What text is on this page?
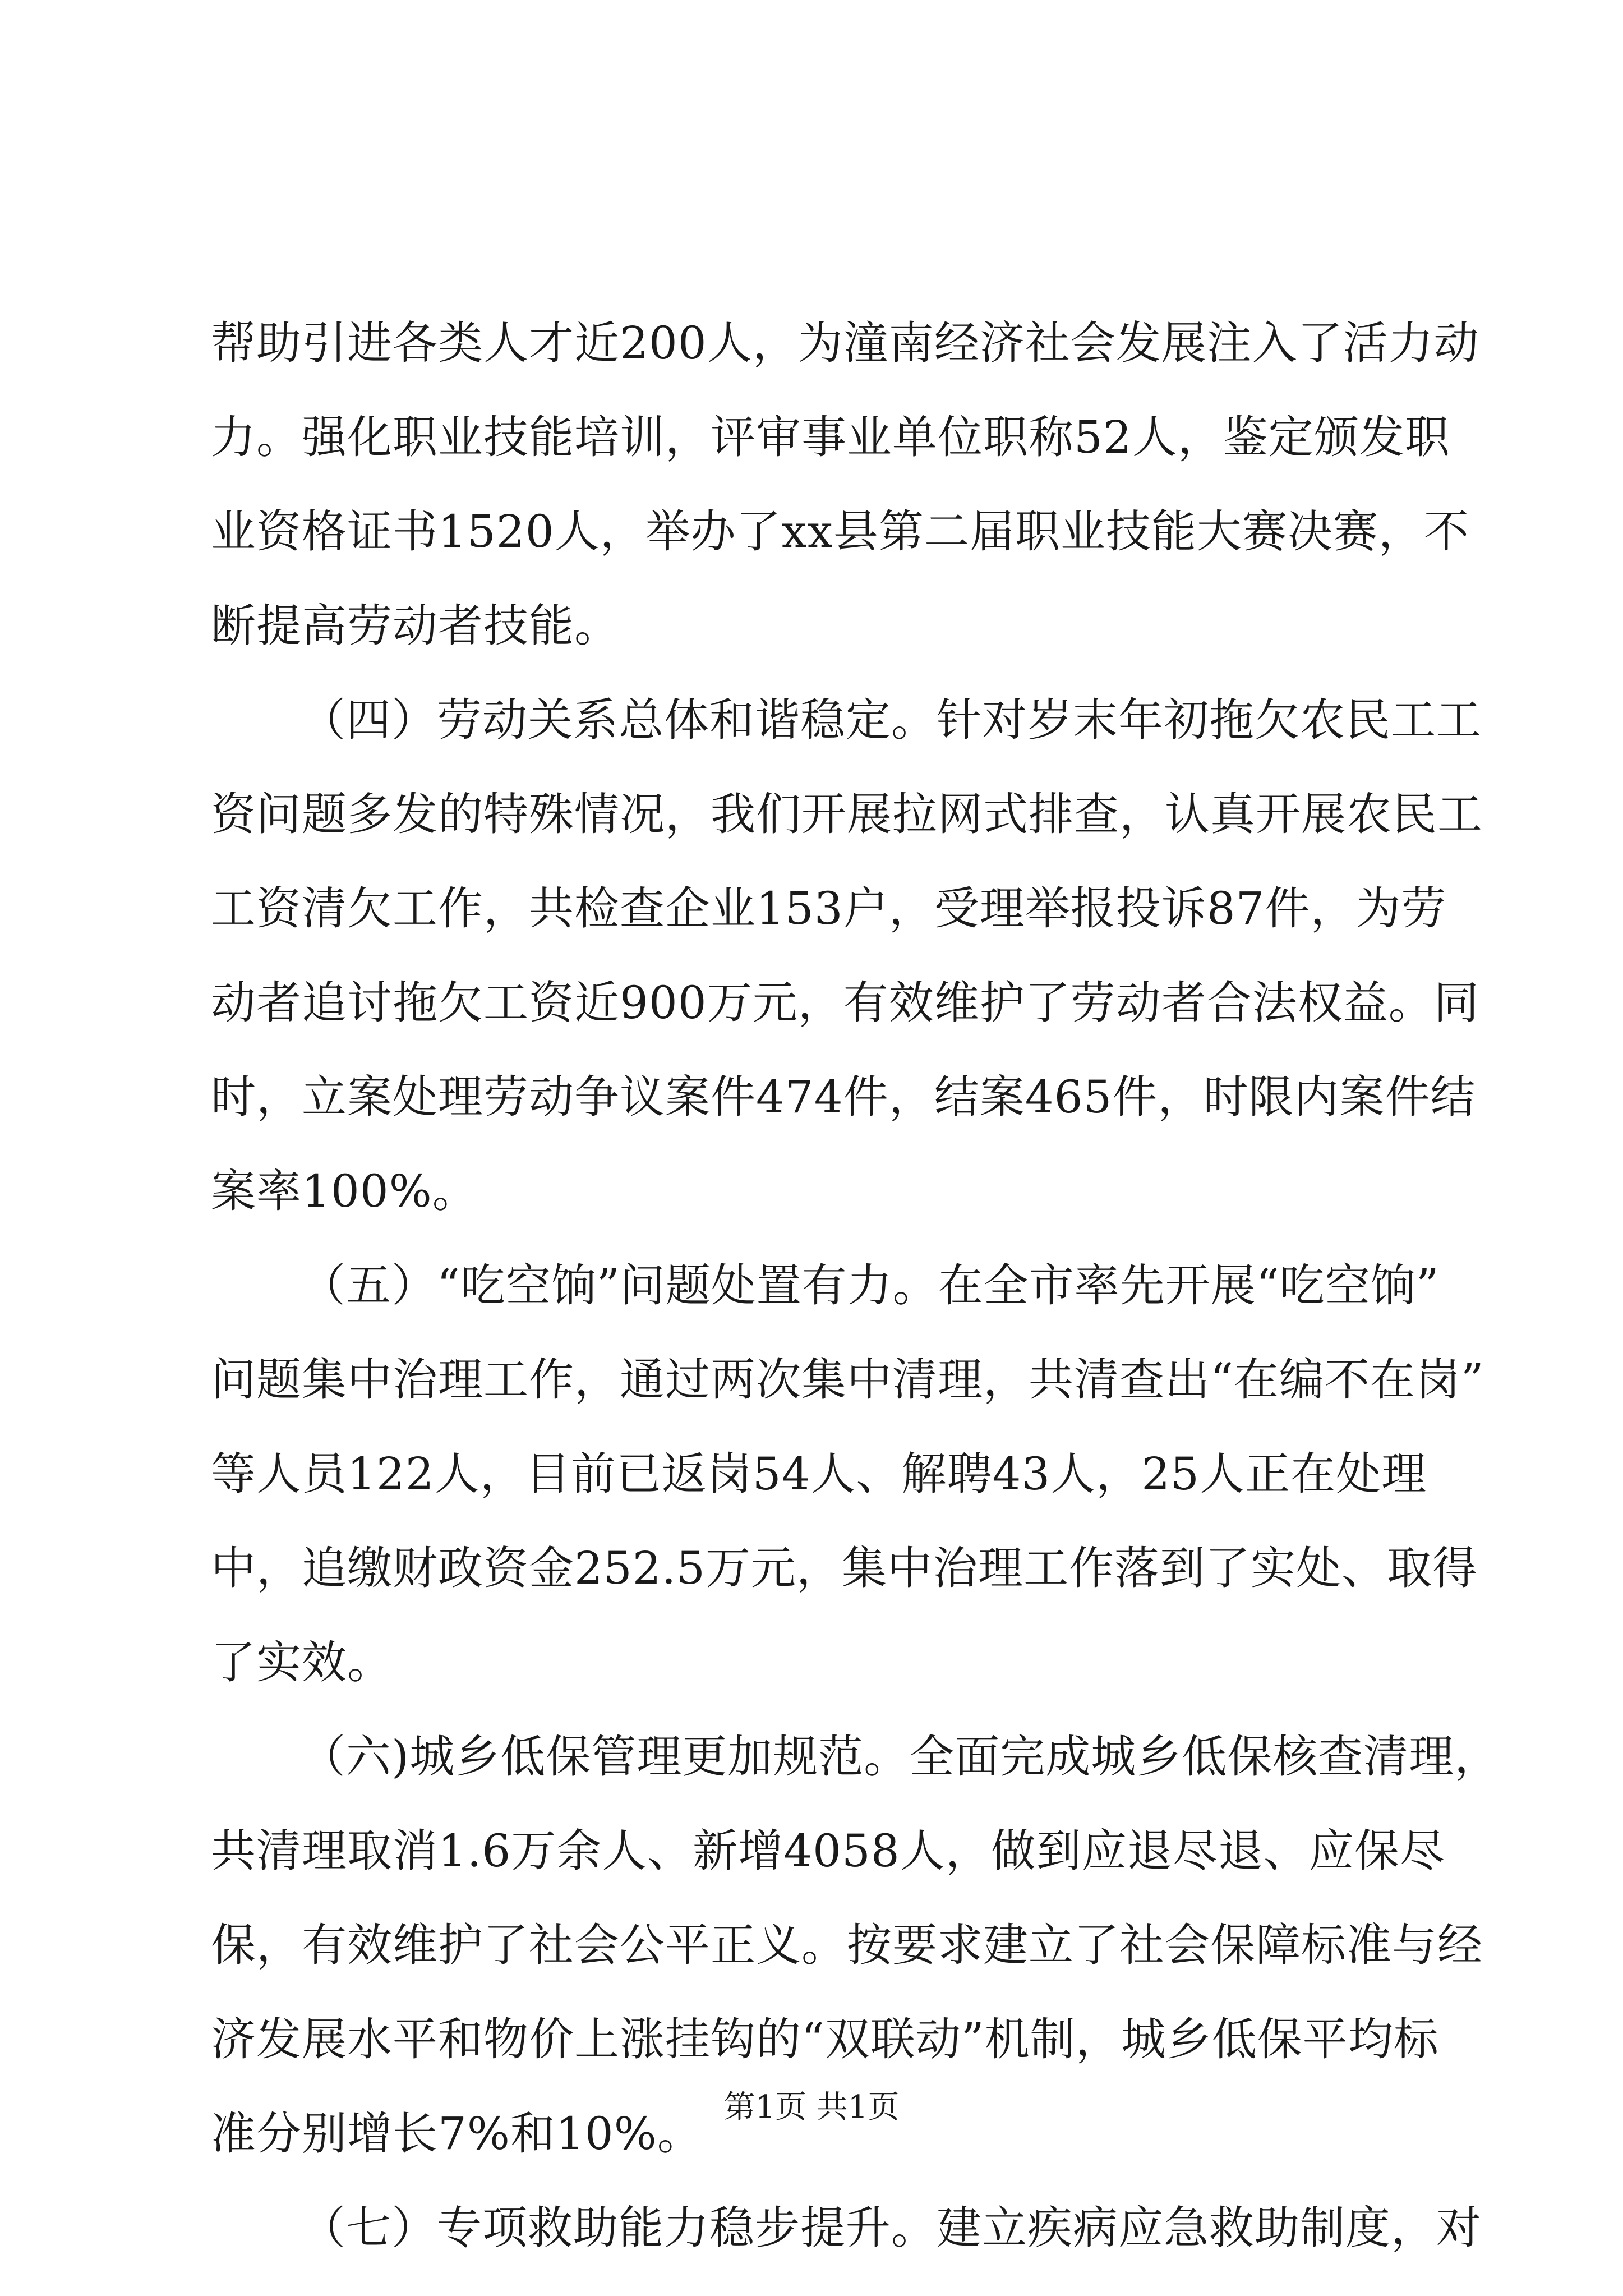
帮助引进各类人才近200人，为潼南经济社会发展注入了活力动
力。强化职业技能培训，评审事业单位职称52人，鉴定颁发职
业资格证书1520人，举办了xx县第二届职业技能大赛决赛，不
断提高劳动者技能。
（四）劳动关系总体和谐稳定。针对岁末年初拖欠农民工工
资问题多发的特殊情况，我们开展拉网式排查，认真开展农民工
工资清欠工作，共检查企业153户，受理举报投诉87件，为劳
动者追讨拖欠工资近900万元，有效维护了劳动者合法权益。同
时，立案处理劳动争议案件474件，结案465件，时限内案件结
案率100%。
（五）“吃空饷”问题处置有力。在全市率先开展“吃空饷”
问题集中治理工作，通过两次集中清理，共清查出“在编不在岗”
等人员122人，目前已返岗54人、解聘43人，25人正在处理
中，追缴财政资金252.5万元，集中治理工作落到了实处、取得
了实效。
（六)城乡低保管理更加规范。全面完成城乡低保核查清理，
共清理取消1.6万余人、新增4058人，做到应退尽退、应保尽
保，有效维护了社会公平正义。按要求建立了社会保障标准与经
济发展水平和物价上涨挂钩的“双联动”机制，城乡低保平均标
准分别增长7%和10%。
（七）专项救助能力稳步提升。建立疾病应急救助制度，对
第1页 共1页
